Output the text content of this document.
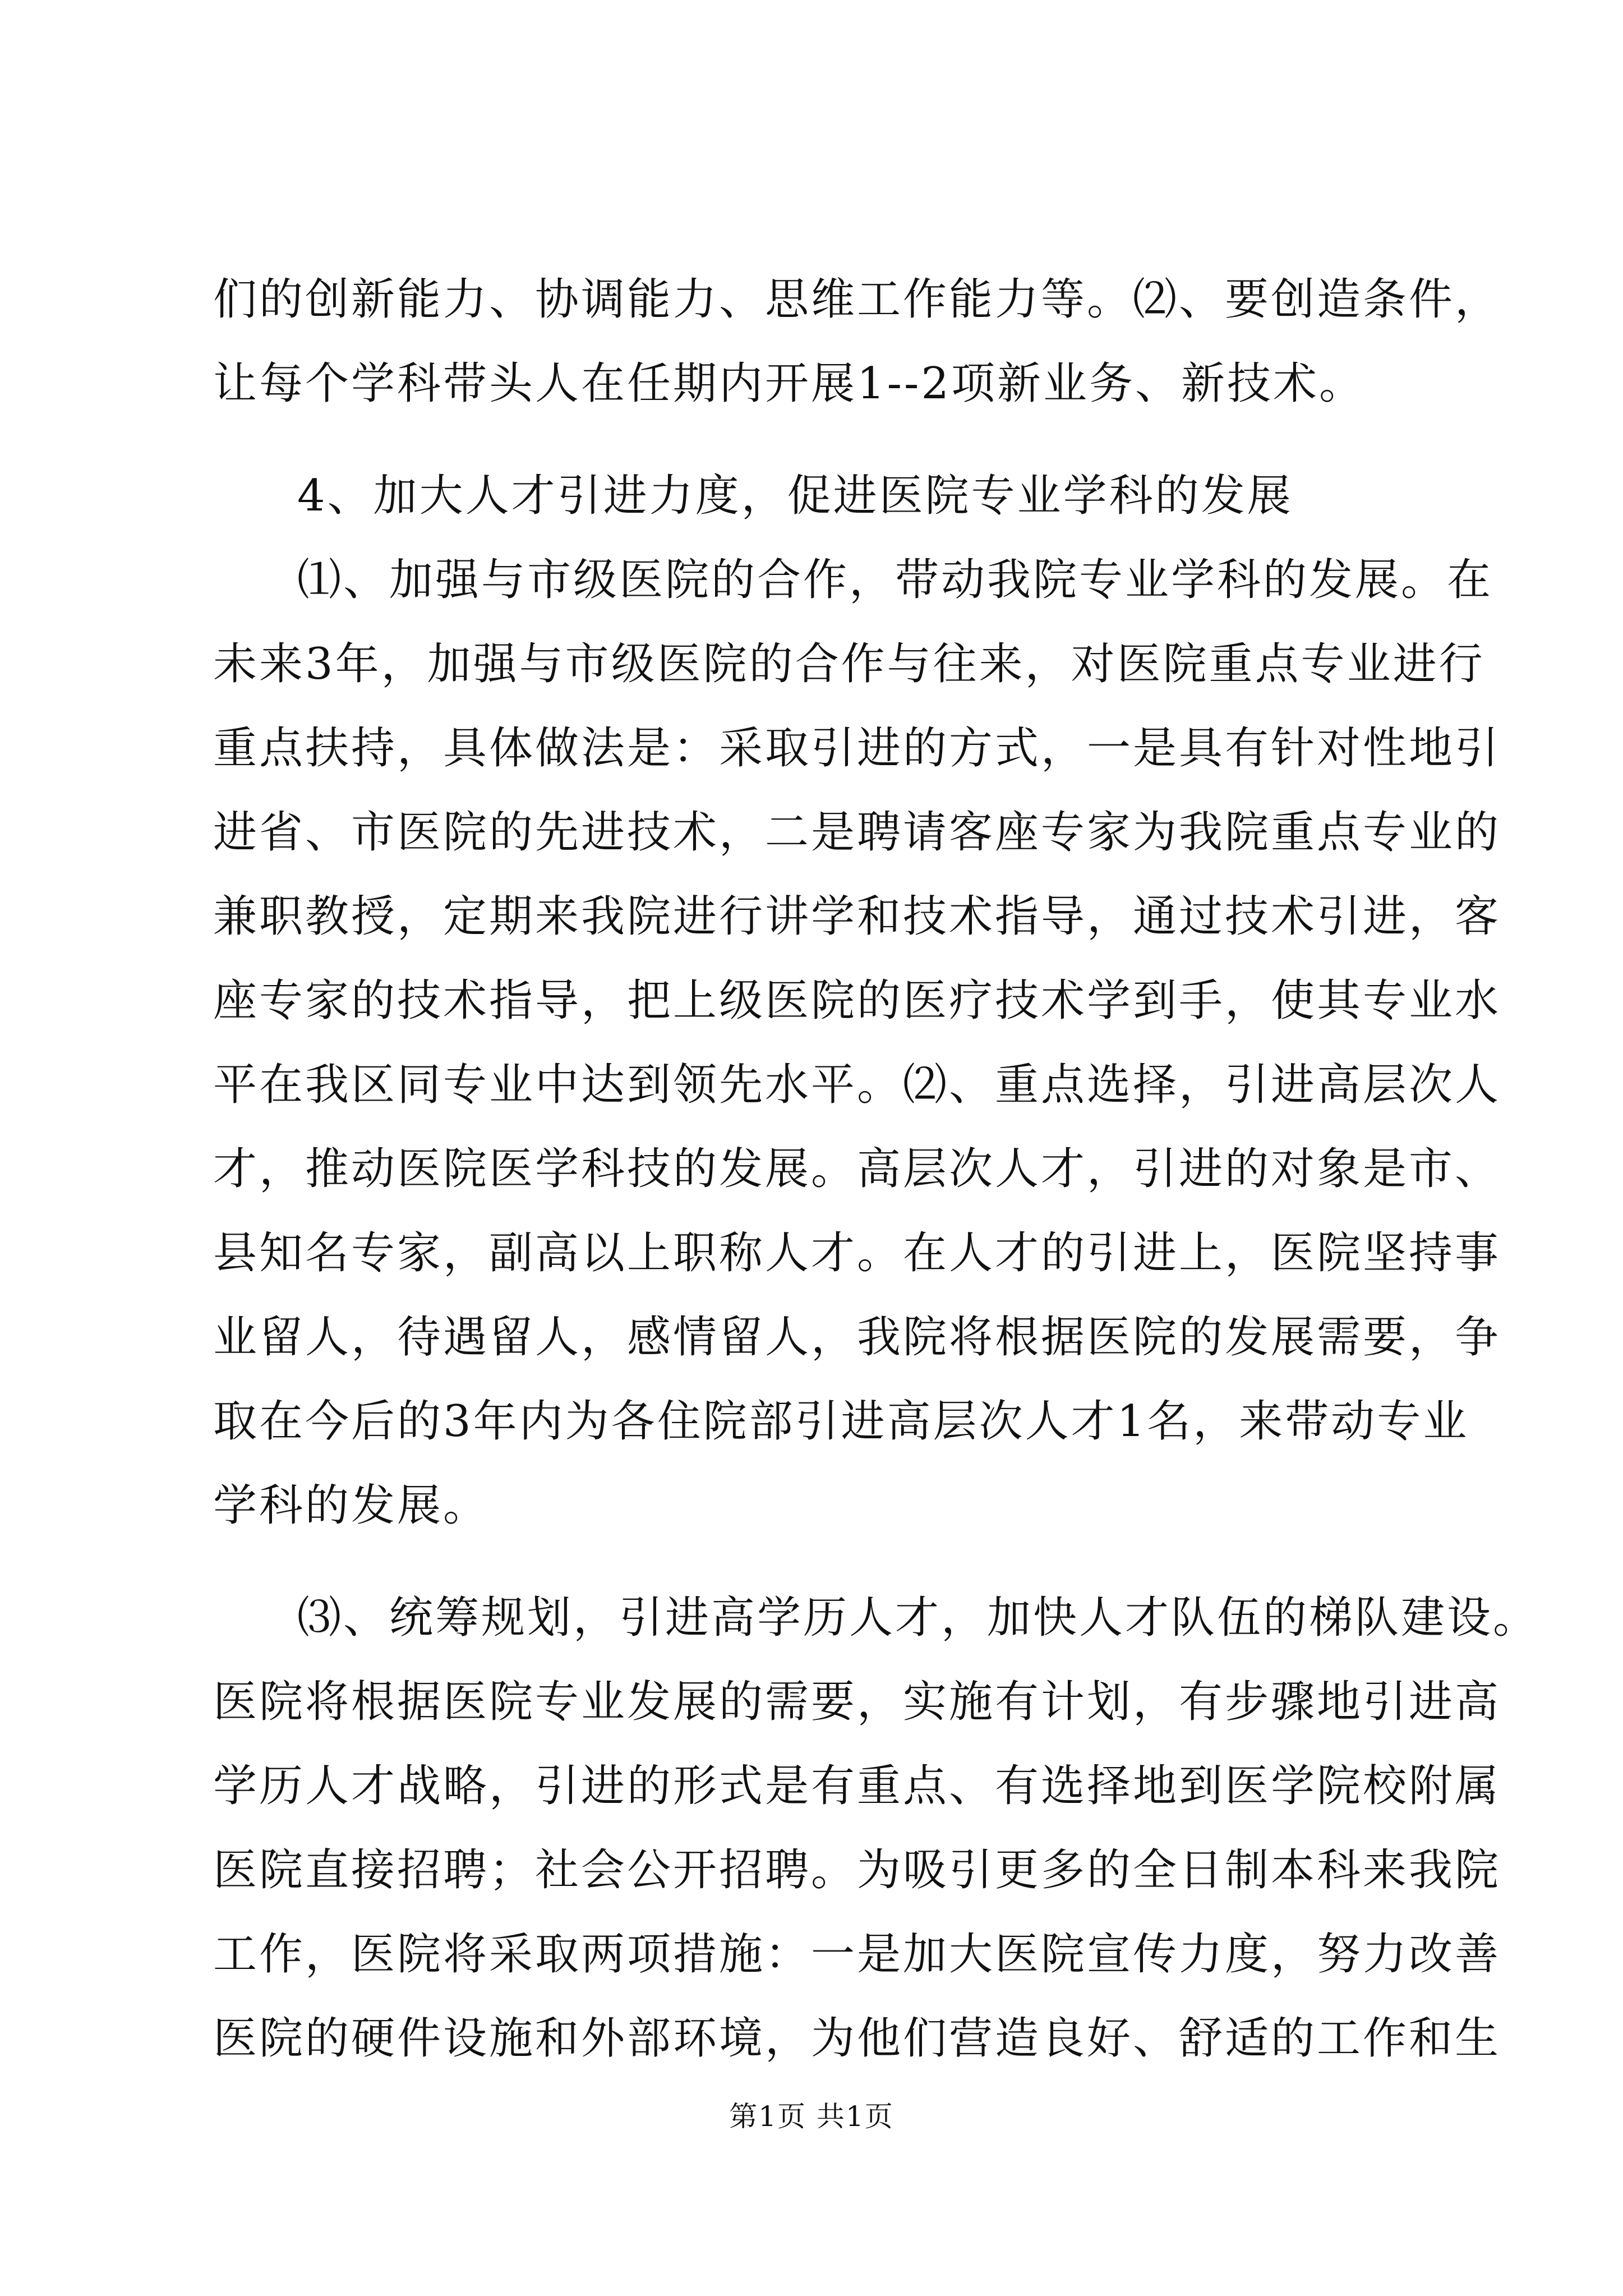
们的创新能力、协调能力、思维工作能力等。⑵、要创造条件，
让每个学科带头人在任期内开展1--2项新业务、新技术。
4、加大人才引进力度，促进医院专业学科的发展
⑴、加强与市级医院的合作，带动我院专业学科的发展。在
未来3年，加强与市级医院的合作与往来，对医院重点专业进行
重点扶持，具体做法是：采取引进的方式，一是具有针对性地引
进省、市医院的先进技术，二是聘请客座专家为我院重点专业的
兼职教授，定期来我院进行讲学和技术指导，通过技术引进，客
座专家的技术指导，把上级医院的医疗技术学到手，使其专业水
平在我区同专业中达到领先水平。⑵、重点选择，引进高层次人
才，推动医院医学科技的发展。高层次人才，引进的对象是市、
县知名专家，副高以上职称人才。在人才的引进上，医院坚持事
业留人，待遇留人，感情留人，我院将根据医院的发展需要，争
取在今后的3年内为各住院部引进高层次人才1名，来带动专业
学科的发展。
⑶、统筹规划，引进高学历人才，加快人才队伍的梯队建设。
医院将根据医院专业发展的需要，实施有计划，有步骤地引进高
学历人才战略，引进的形式是有重点、有选择地到医学院校附属
医院直接招聘；社会公开招聘。为吸引更多的全日制本科来我院
工作，医院将采取两项措施：一是加大医院宣传力度，努力改善
医院的硬件设施和外部环境，为他们营造良好、舒适的工作和生
第1页 共1页
